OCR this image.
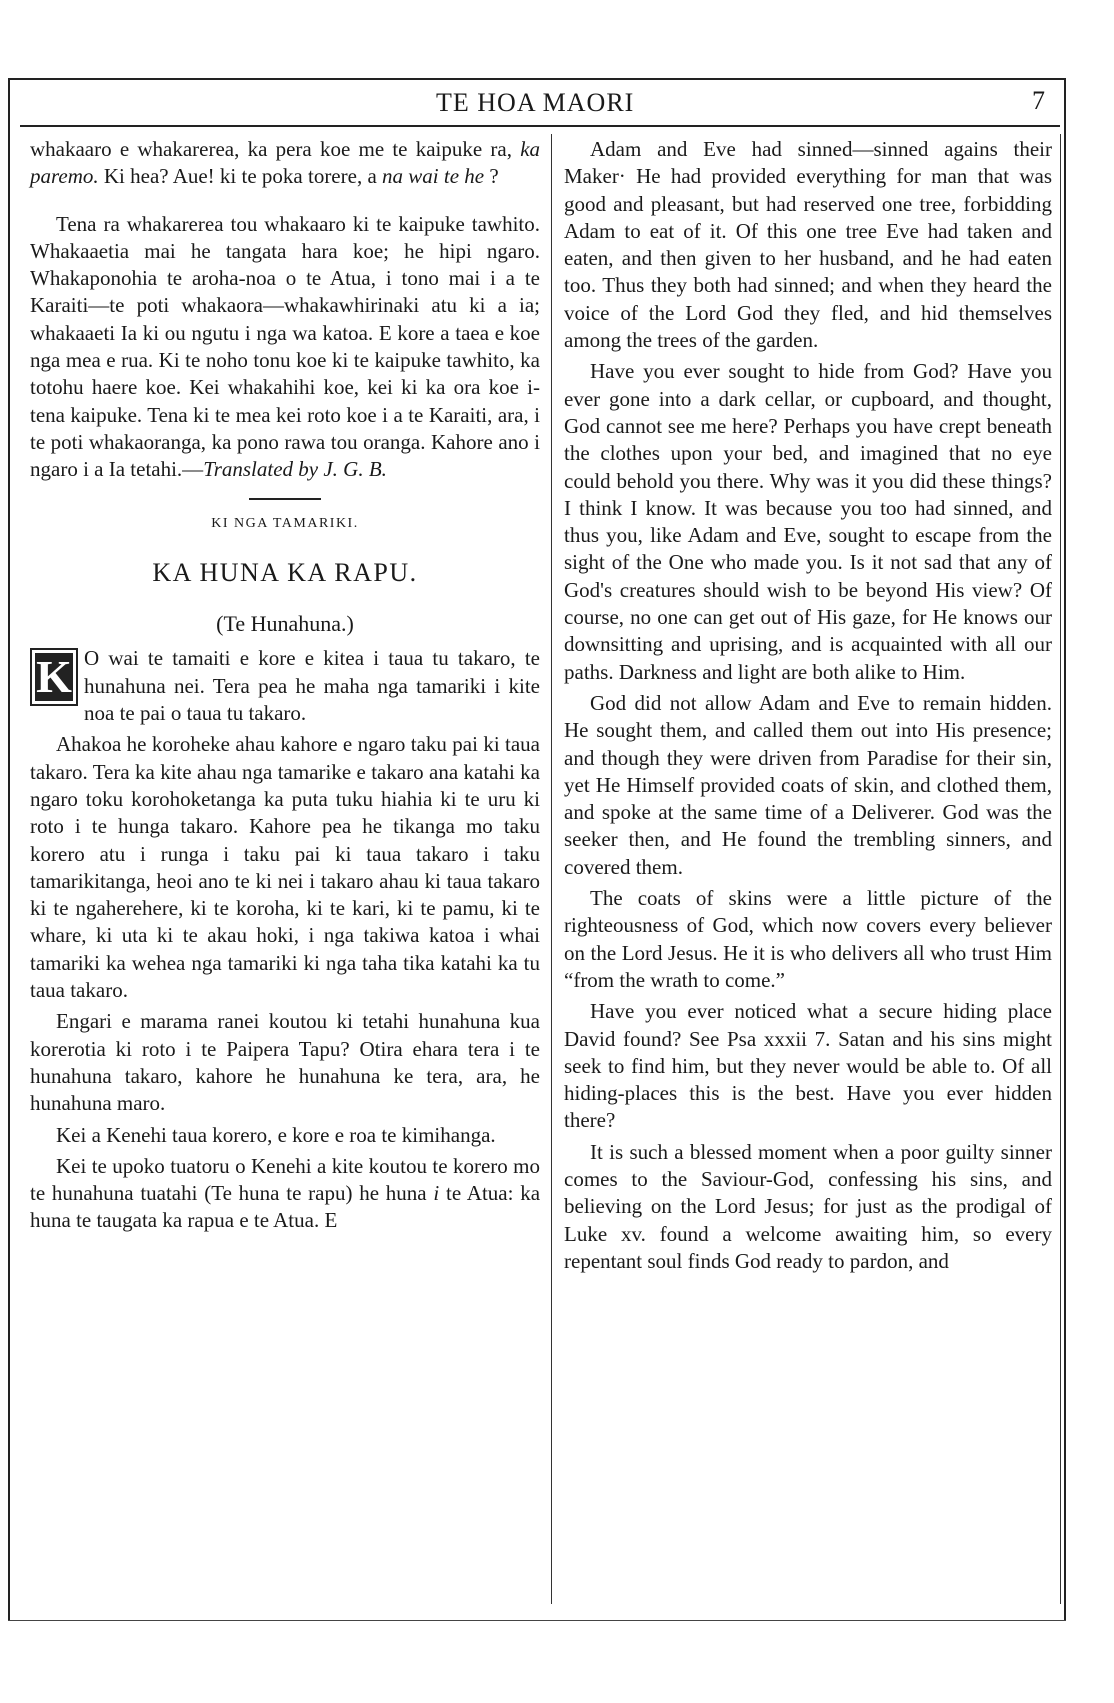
TE HOA MAORI	7

whakaaro e whakarerea, ka pera koe me te kaipuke ra, ka paremo. Ki hea? Aue! ki te poka torere, a na wai te he ?

Tena ra whakarerea tou whakaaro ki te kaipuke tawhito. Whakaaetia mai he tangata hara koe; he hipi ngaro. Whakaponohia te aroha-noa o te Atua, i tono mai i a te Karaiti—te poti whakaora—whakawhirinaki atu ki a ia; whakaaeti Ia ki ou ngutu i nga wa katoa. E kore a taea e koe nga mea e rua. Ki te noho tonu koe ki te kaipuke tawhito, ka totohu haere koe. Kei whakahihi koe, kei ki ka ora koe i-tena kaipuke. Tena ki te mea kei roto koe i a te Karaiti, ara, i te poti whakaoranga, ka pono rawa tou oranga. Kahore ano i ngaro i a Ia tetahi.—Translated by J. G. B.

KI NGA TAMARIKI.
KA HUNA KA RAPU.
(Te Hunahuna.)

K O wai te tamaiti e kore e kitea i taua tu takaro, te hunahuna nei. Tera pea he maha nga tamariki i kite noa te pai o taua tu takaro.

Ahakoa he koroheke ahau kahore e ngaro taku pai ki taua takaro. Tera ka kite ahau nga tamarike e takaro ana katahi ka ngaro toku korohoketanga ka puta tuku hiahia ki te uru ki roto i te hunga takaro. Kahore pea he tikanga mo taku korero atu i runga i taku pai ki taua takaro i taku tamarikitanga, heoi ano te ki nei i takaro ahau ki taua takaro ki te ngaherehere, ki te koroha, ki te kari, ki te pamu, ki te whare, ki uta ki te akau hoki, i nga takiwa katoa i whai tamariki ka wehea nga tamariki ki nga taha tika katahi ka tu taua takaro.

Engari e marama ranei koutou ki tetahi hunahuna kua korerotia ki roto i te Paipera Tapu? Otira ehara tera i te hunahuna takaro, kahore he hunahuna ke tera, ara, he hunahuna maro.

Kei a Kenehi taua korero, e kore e roa te kimihanga.

Kei te upoko tuatoru o Kenehi a kite koutou te korero mo te hunahuna tuatahi (Te huna te rapu) he huna i te Atua: ka huna te taugata ka rapua e te Atua. E

Adam and Eve had sinned—sinned agains their Maker· He had provided everything for man that was good and pleasant, but had reserved one tree, forbidding Adam to eat of it. Of this one tree Eve had taken and eaten, and then given to her husband, and he had eaten too. Thus they both had sinned; and when they heard the voice of the Lord God they fled, and hid themselves among the trees of the garden.

Have you ever sought to hide from God? Have you ever gone into a dark cellar, or cupboard, and thought, God cannot see me here? Perhaps you have crept beneath the clothes upon your bed, and imagined that no eye could behold you there. Why was it you did these things? I think I know. It was because you too had sinned, and thus you, like Adam and Eve, sought to escape from the sight of the One who made you. Is it not sad that any of God's creatures should wish to be beyond His view? Of course, no one can get out of His gaze, for He knows our downsitting and uprising, and is acquainted with all our paths. Darkness and light are both alike to Him.

God did not allow Adam and Eve to remain hidden. He sought them, and called them out into His presence; and though they were driven from Paradise for their sin, yet He Himself provided coats of skin, and clothed them, and spoke at the same time of a Deliverer. God was the seeker then, and He found the trembling sinners, and covered them.

The coats of skins were a little picture of the righteousness of God, which now covers every believer on the Lord Jesus. He it is who delivers all who trust Him “from the wrath to come.”

Have you ever noticed what a secure hiding place David found? See Psa xxxii 7. Satan and his sins might seek to find him, but they never would be able to. Of all hiding-places this is the best. Have you ever hidden there?

It is such a blessed moment when a poor guilty sinner comes to the Saviour-God, confessing his sins, and believing on the Lord Jesus; for just as the prodigal of Luke xv. found a welcome awaiting him, so every repentant soul finds God ready to pardon, and
